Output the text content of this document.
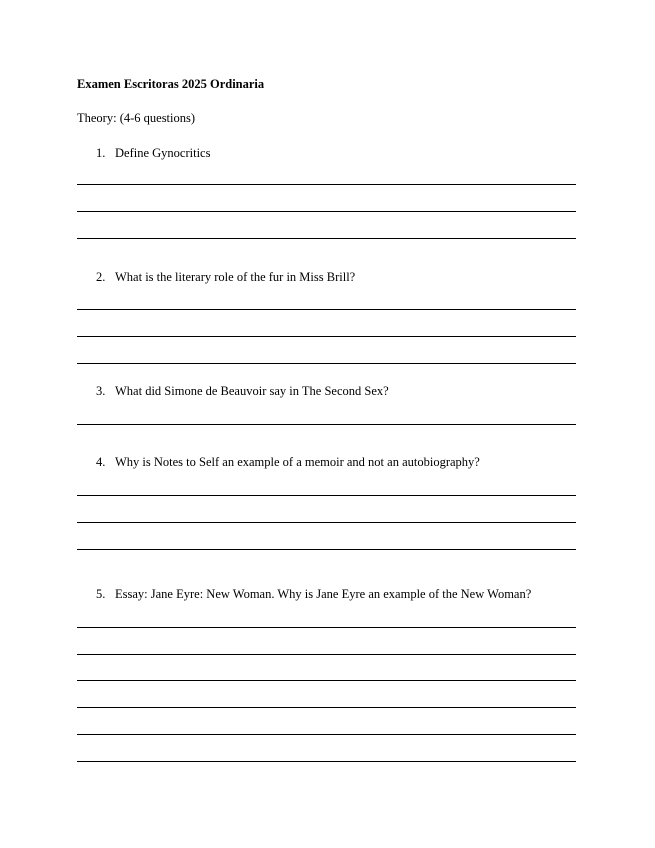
Examen Escritoras 2025 Ordinaria
Theory: (4-6 questions)
1. Define Gynocritics
2. What is the literary role of the fur in Miss Brill?
3. What did Simone de Beauvoir say in The Second Sex?
4. Why is Notes to Self an example of a memoir and not an autobiography?
5. Essay: Jane Eyre: New Woman. Why is Jane Eyre an example of the New Woman?
